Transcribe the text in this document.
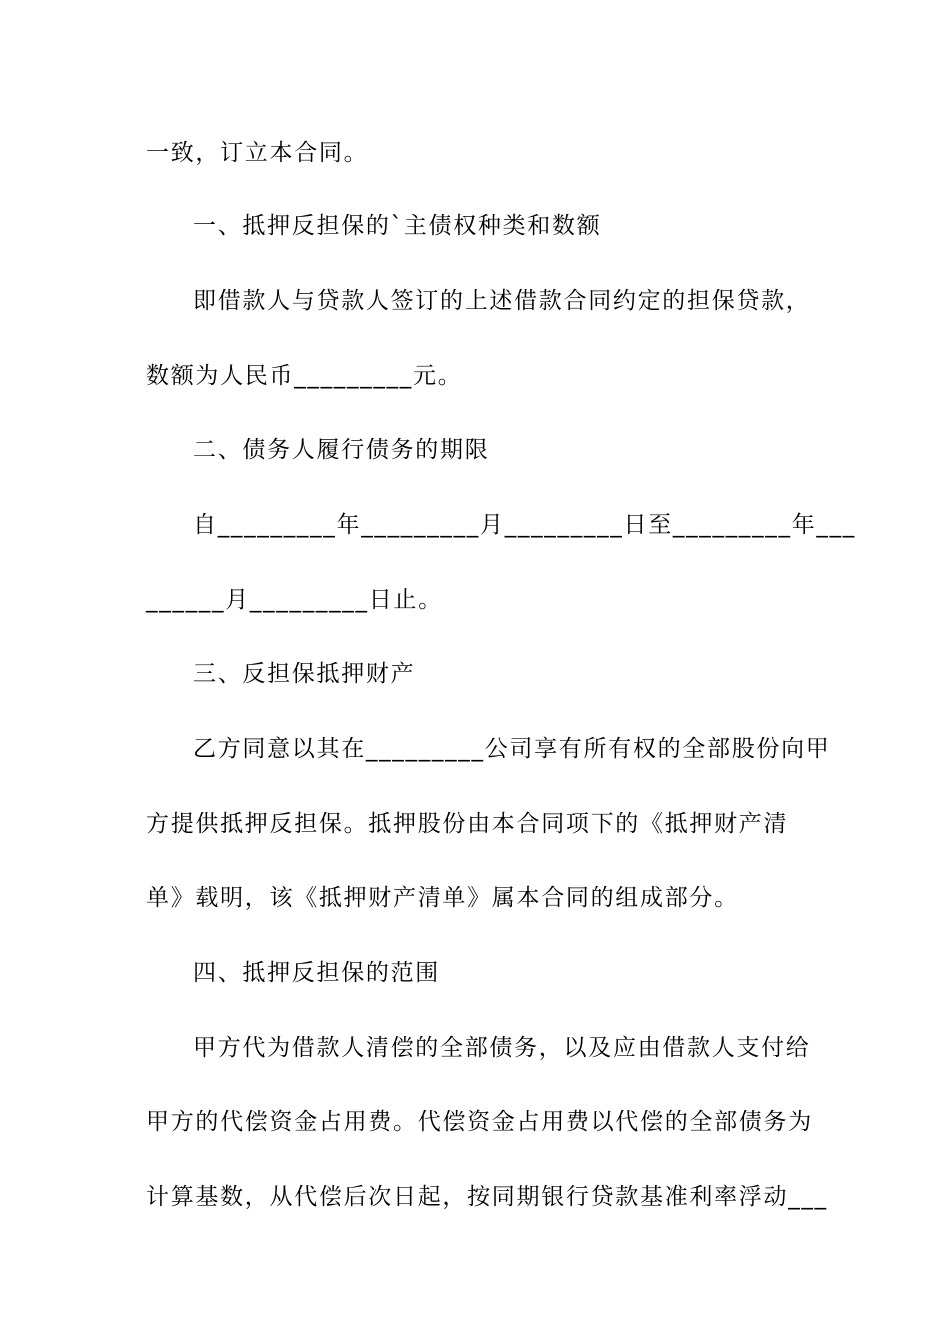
一致，订立本合同。
一、抵押反担保的`主债权种类和数额
即借款人与贷款人签订的上述借款合同约定的担保贷款，
数额为人民币_________元。
二、债务人履行债务的期限
自_________年_________月_________日至_________年___
______月_________日止。
三、反担保抵押财产
乙方同意以其在_________公司享有所有权的全部股份向甲
方提供抵押反担保。抵押股份由本合同项下的《抵押财产清
单》载明，该《抵押财产清单》属本合同的组成部分。
四、抵押反担保的范围
甲方代为借款人清偿的全部债务，以及应由借款人支付给
甲方的代偿资金占用费。代偿资金占用费以代偿的全部债务为
计算基数，从代偿后次日起，按同期银行贷款基准利率浮动___
